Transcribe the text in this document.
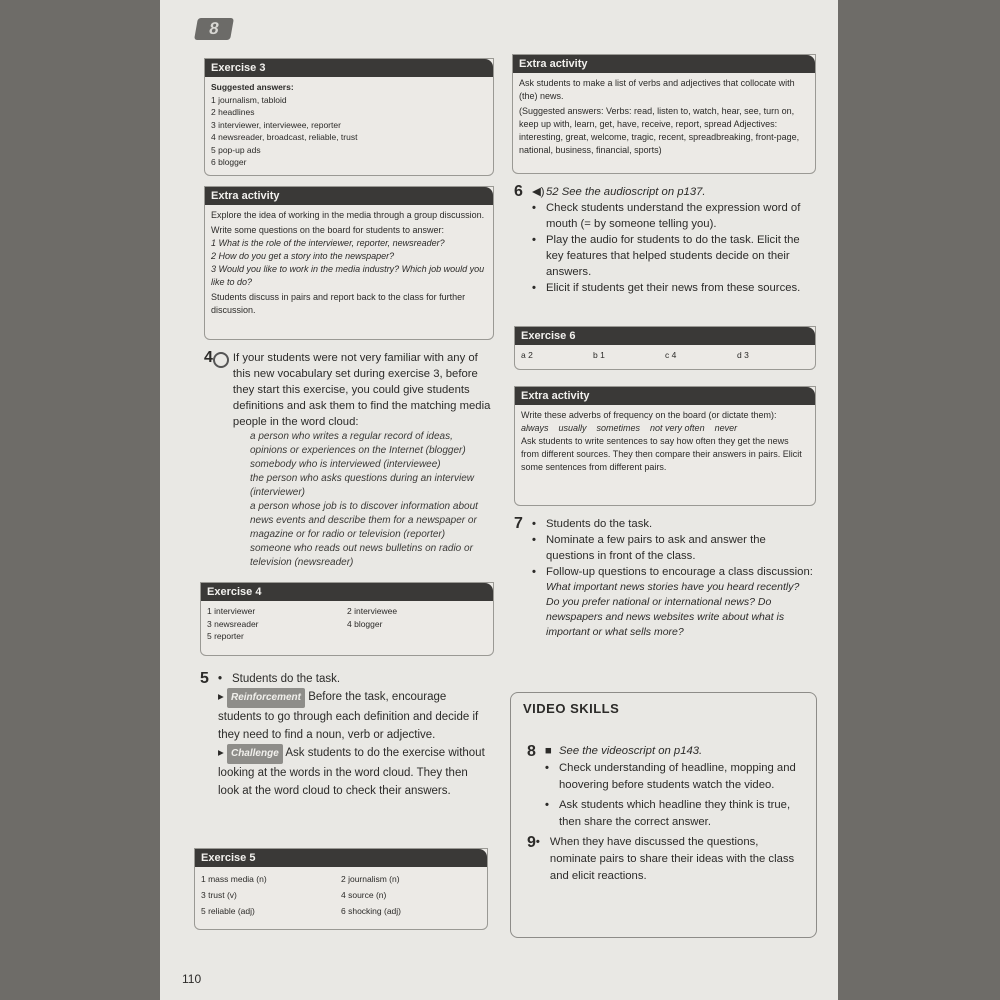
8
Exercise 3
Suggested answers:
1 journalism, tabloid
2 headlines
3 interviewer, interviewee, reporter
4 newsreader, broadcast, reliable, trust
5 pop-up ads
6 blogger
Extra activity
Explore the idea of working in the media through a group discussion.
Write some questions on the board for students to answer:
1 What is the role of the interviewer, reporter, newsreader?
2 How do you get a story into the newspaper?
3 Would you like to work in the media industry? Which job would you like to do?
Students discuss in pairs and report back to the class for further discussion.
4 If your students were not very familiar with any of this new vocabulary set during exercise 3, before they start this exercise, you could give students definitions and ask them to find the matching media people in the word cloud:
a person who writes a regular record of ideas, opinions or experiences on the Internet (blogger)
somebody who is interviewed (interviewee)
the person who asks questions during an interview (interviewer)
a person whose job is to discover information about news events and describe them for a newspaper or magazine or for radio or television (reporter)
someone who reads out news bulletins on radio or television (newsreader)
Exercise 4
1 interviewer	2 interviewee
3 newsreader	4 blogger
5 reporter
5 • Students do the task.
▸ Reinforcement Before the task, encourage students to go through each definition and decide if they need to find a noun, verb or adjective.
▸ Challenge Ask students to do the exercise without looking at the words in the word cloud. They then look at the word cloud to check their answers.
Exercise 5
1 mass media (n)	2 journalism (n)
3 trust (v)	4 source (n)
5 reliable (adj)	6 shocking (adj)
Extra activity
Ask students to make a list of verbs and adjectives that collocate with (the) news.
(Suggested answers: Verbs: read, listen to, watch, hear, see, turn on, keep up with, learn, get, have, receive, report, spread Adjectives: interesting, great, welcome, tragic, recent, spreadbreaking, front-page, national, business, financial, sports)
6 ◀) 52 See the audioscript on p137.
• Check students understand the expression word of mouth (= by someone telling you).
• Play the audio for students to do the task. Elicit the key features that helped students decide on their answers.
• Elicit if students get their news from these sources.
Exercise 6
a 2	b 1	c 4	d 3
Extra activity
Write these adverbs of frequency on the board (or dictate them):
always    usually    sometimes    not very often    never
Ask students to write sentences to say how often they get the news from different sources. They then compare their answers in pairs. Elicit some sentences from different pairs.
7 • Students do the task.
• Nominate a few pairs to ask and answer the questions in front of the class.
• Follow-up questions to encourage a class discussion:
What important news stories have you heard recently? Do you prefer national or international news? Do newspapers and news websites write about what is important or what sells more?
VIDEO SKILLS
8 ■ See the videoscript on p143.
• Check understanding of headline, mopping and hoovering before students watch the video.
• Ask students which headline they think is true, then share the correct answer.
9 • When they have discussed the questions, nominate pairs to share their ideas with the class and elicit reactions.
110
